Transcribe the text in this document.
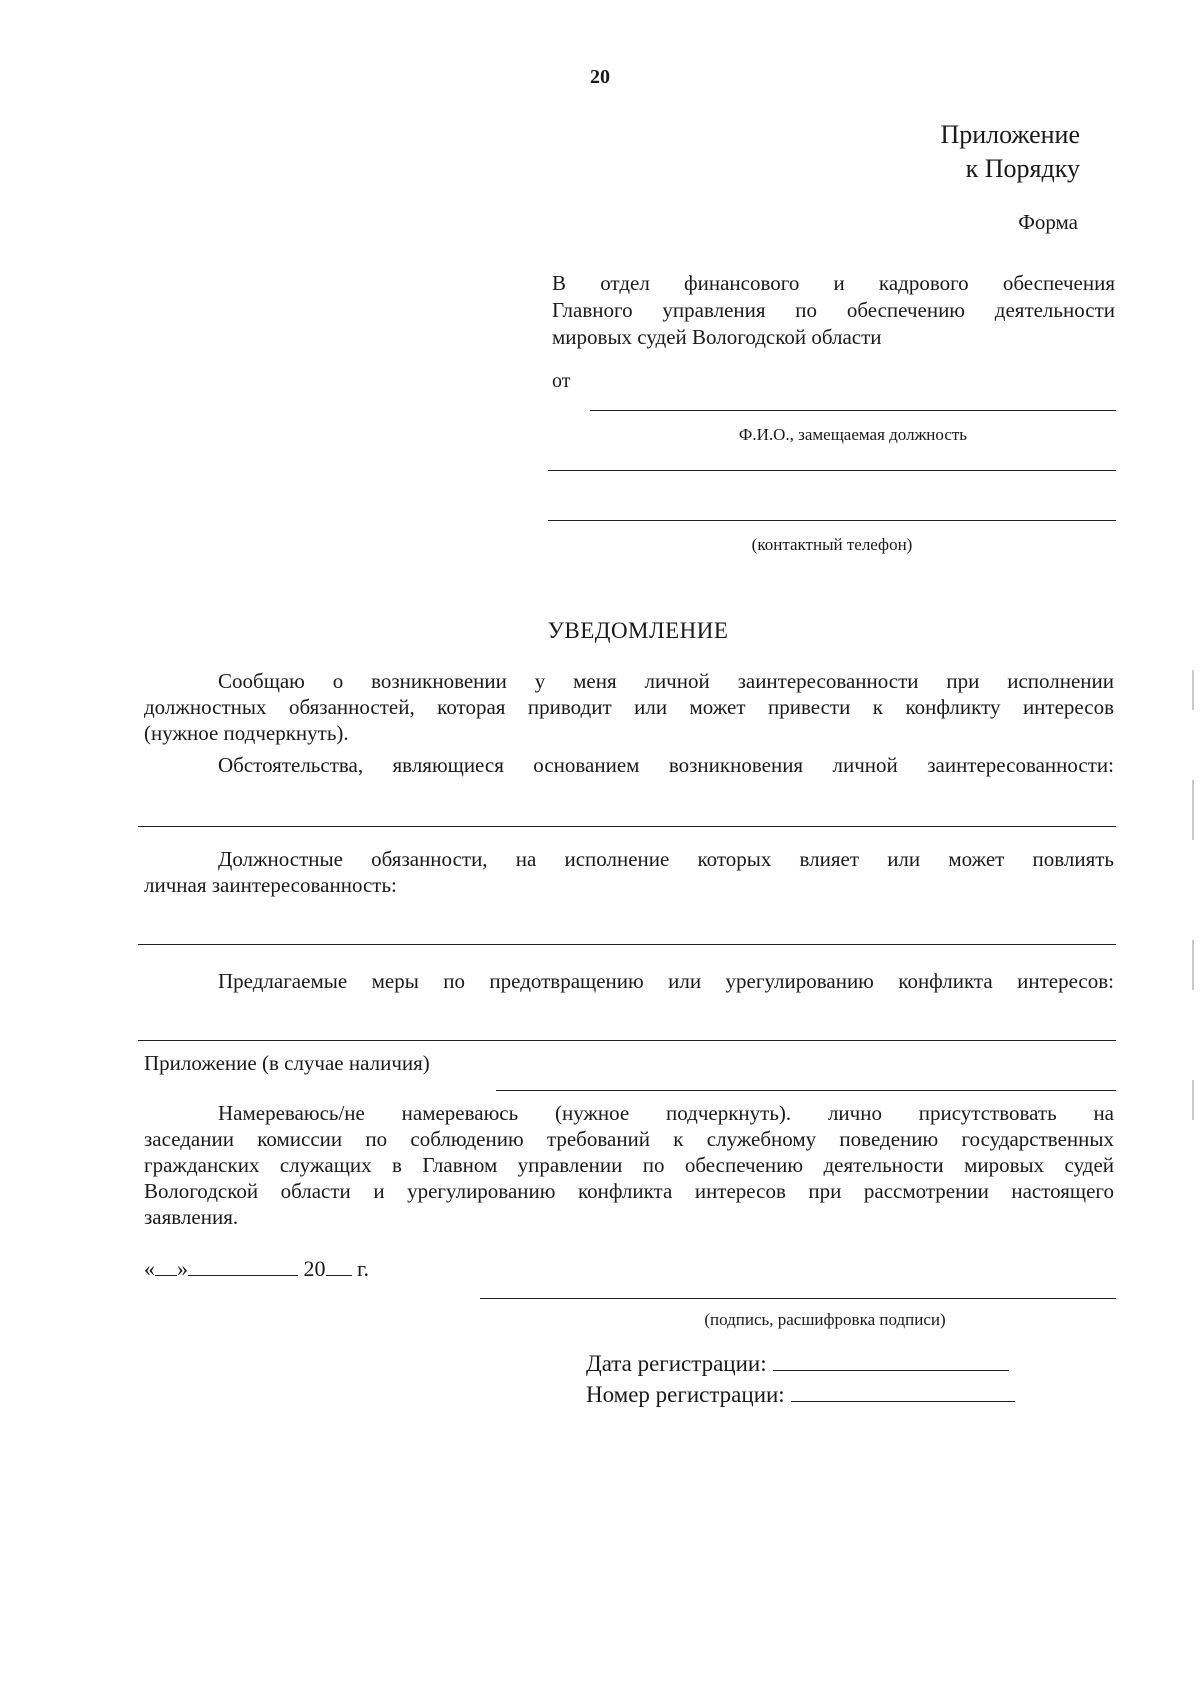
20
Приложение
к Порядку
Форма
В отдел финансового и кадрового обеспечения
Главного управления по обеспечению деятельности
мировых судей Вологодской области
от
Ф.И.О., замещаемая должность
(контактный телефон)
УВЕДОМЛЕНИЕ
Сообщаю о возникновении у меня личной заинтересованности при исполнении
должностных обязанностей, которая приводит или может привести к конфликту интересов
(нужное подчеркнуть).
Обстоятельства, являющиеся основанием возникновения личной заинтересованности:
Должностные обязанности, на исполнение которых влияет или может повлиять
личная заинтересованность:
Предлагаемые меры по предотвращению или урегулированию конфликта интересов:
Приложение (в случае наличия)
Намереваюсь/не намереваюсь (нужное подчеркнуть). лично присутствовать на
заседании комиссии по соблюдению требований к служебному поведению государственных
гражданских служащих в Главном управлении по обеспечению деятельности мировых судей
Вологодской области и урегулированию конфликта интересов при рассмотрении настоящего
заявления.
« »	20 г.
(подпись, расшифровка подписи)
Дата регистрации:
Номер регистрации:
